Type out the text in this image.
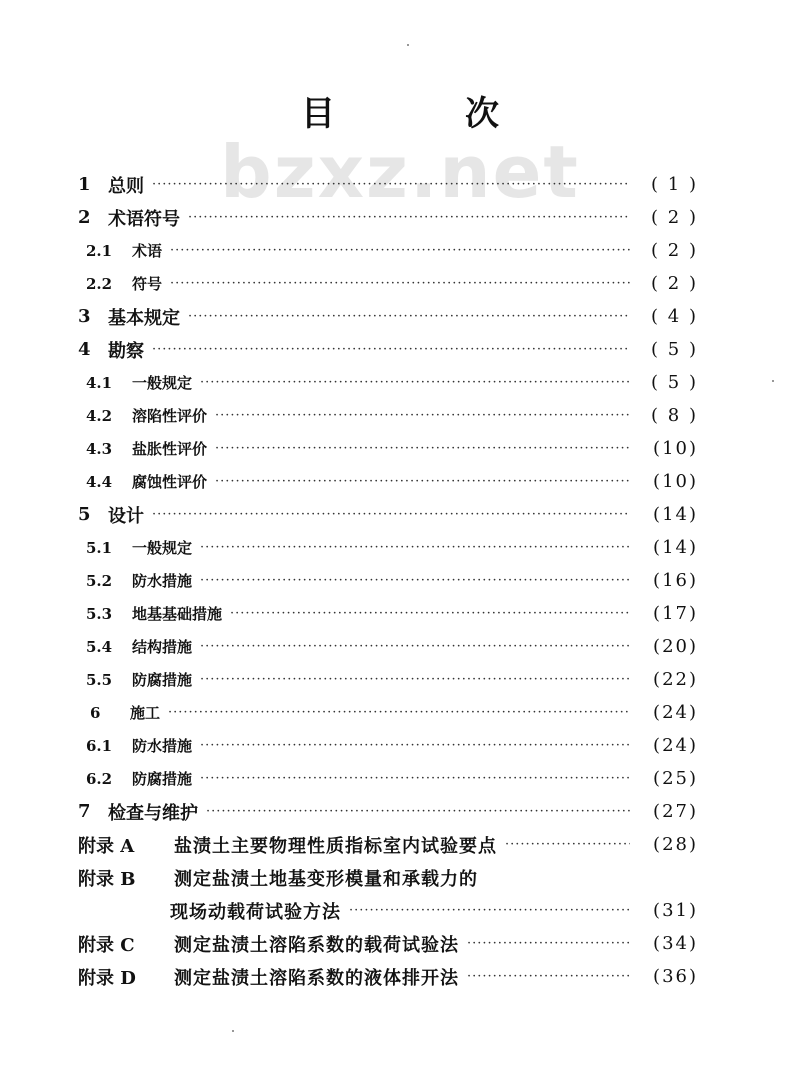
bzxz.net
目　次
1 总则 ·····	( 1 )
2 术语符号 ·····	( 2 )
2.1	术语 ·····	( 2 )
2.2	符号 ·····	( 2 )
3 基本规定 ·····	( 4 )
4 勘察 ·····	( 5 )
4.1	一般规定 ·····	( 5 )
4.2	溶陷性评价 ·····	( 8 )
4.3	盐胀性评价 ·····	(10)
4.4	腐蚀性评价 ·····	(10)
5 设计 ·····	(14)
5.1	一般规定 ·····	(14)
5.2	防水措施 ·····	(16)
5.3	地基基础措施 ·····	(17)
5.4	结构措施 ·····	(20)
5.5	防腐措施 ·····	(22)
6	施工 ·····	(24)
6.1	防水措施 ·····	(24)
6.2	防腐措施 ·····	(25)
7 检查与维护 ·····	(27)
附录 A	盐渍土主要物理性质指标室内试验要点 ·····	(28)
附录 B	测定盐渍土地基变形模量和承载力的
现场动载荷试验方法 ·····	(31)
附录 C	测定盐渍土溶陷系数的载荷试验法 ·····	(34)
附录 D	测定盐渍土溶陷系数的液体排开法 ·····	(36)
